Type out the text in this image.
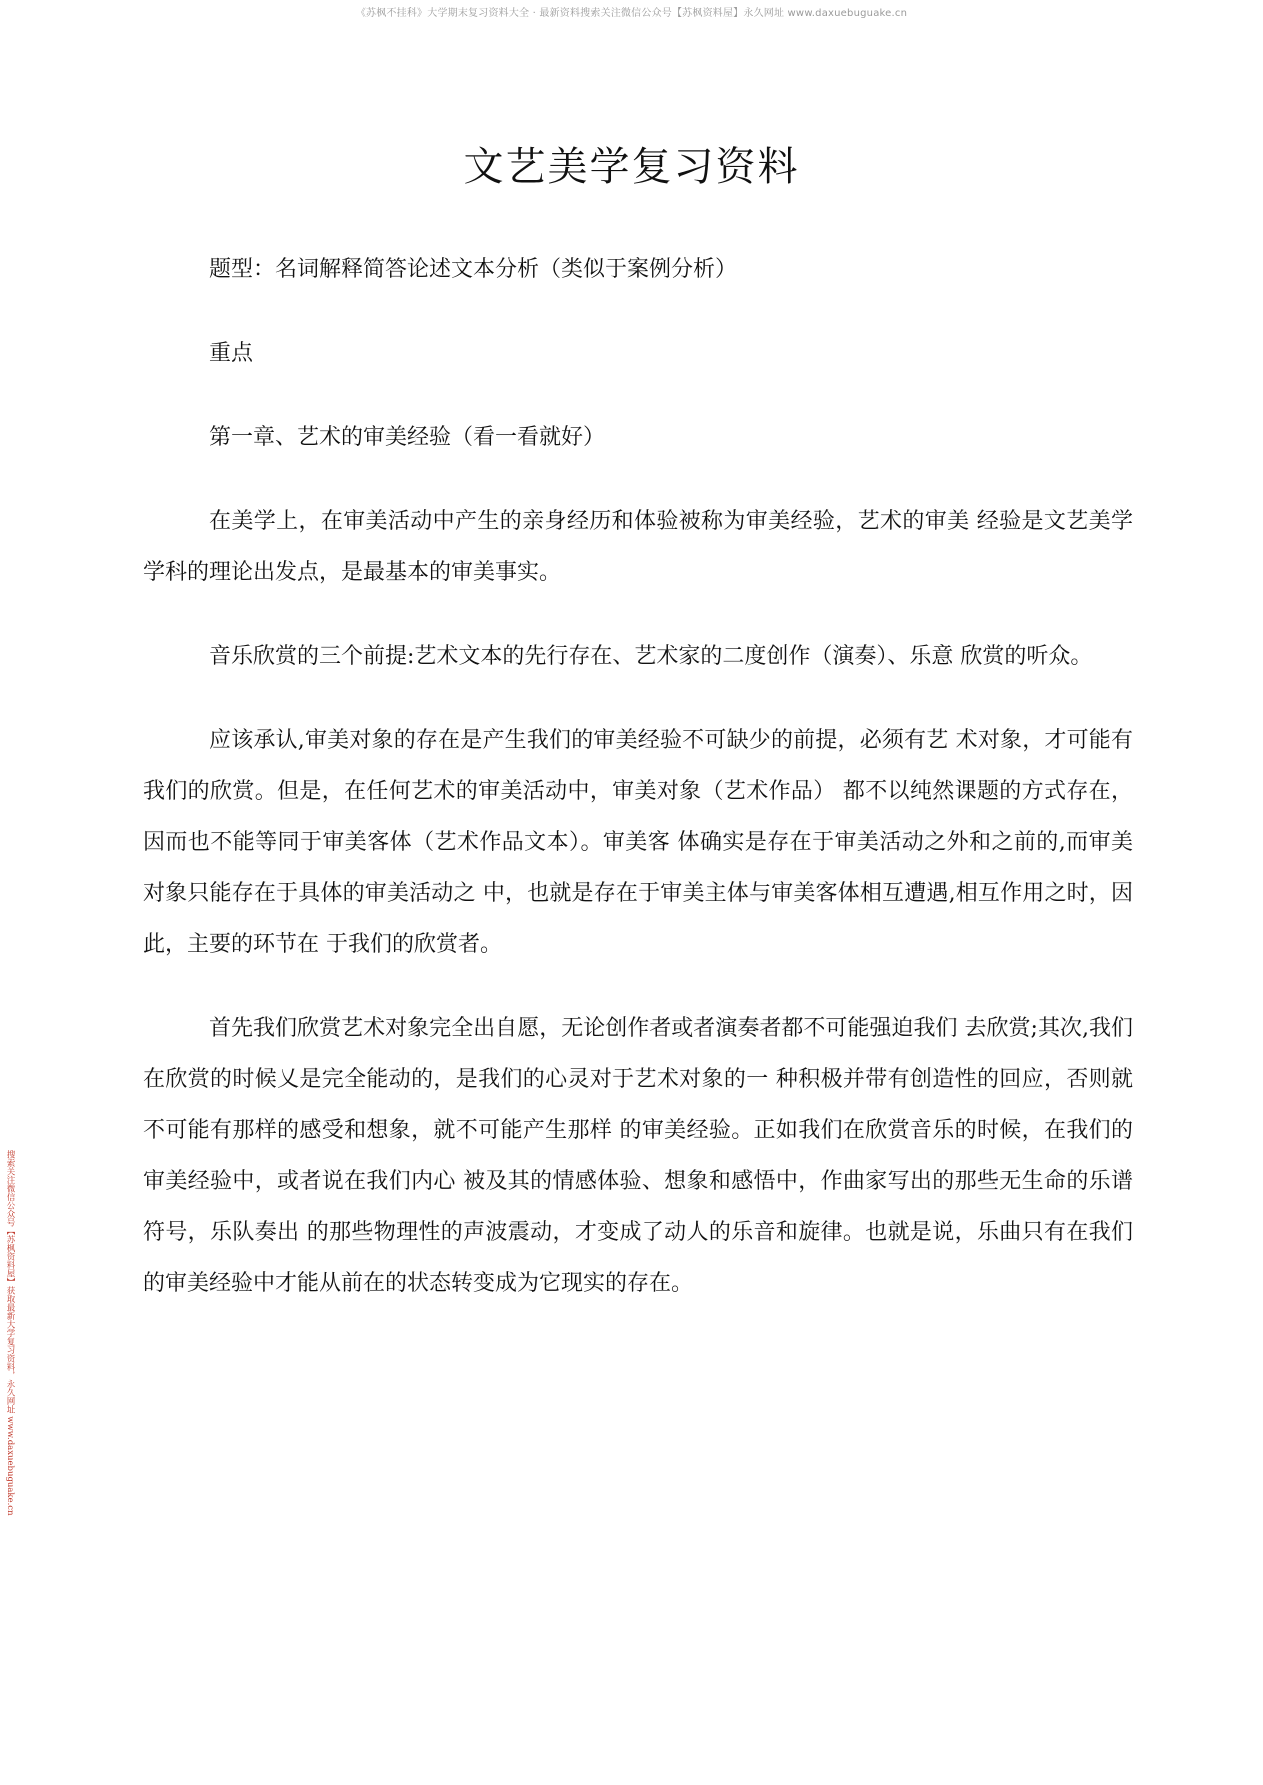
《苏枫不挂科》大学期末复习资料大全 · 最新资料搜索关注微信公众号【苏枫资料屋】永久网址 www.daxuebuguake.cn
搜索关注微信公众号【苏枫资料屋】获取最新大学复习资料，永久网址 www.daxuebuguake.cn
文艺美学复习资料

题型：名词解释简答论述文本分析（类似于案例分析）

重点

第一章、艺术的审美经验（看一看就好）

在美学上，在审美活动中产生的亲身经历和体验被称为审美经验，艺术的审美 经验是文艺美学学科的理论出发点，是最基本的审美事实。

音乐欣赏的三个前提:艺术文本的先行存在、艺术家的二度创作（演奏）、乐意 欣赏的听众。

应该承认,审美对象的存在是产生我们的审美经验不可缺少的前提，必须有艺 术对象，才可能有我们的欣赏。但是，在任何艺术的审美活动中，审美对象（艺术作品） 都不以纯然课题的方式存在，因而也不能等同于审美客体（艺术作品文本）。审美客 体确实是存在于审美活动之外和之前的,而审美对象只能存在于具体的审美活动之 中，也就是存在于审美主体与审美客体相互遭遇,相互作用之时，因此，主要的环节在 于我们的欣赏者。

首先我们欣赏艺术对象完全出自愿，无论创作者或者演奏者都不可能强迫我们 去欣赏;其次,我们在欣赏的时候乂是完全能动的，是我们的心灵对于艺术对象的一 种积极并带有创造性的回应，否则就不可能有那样的感受和想象，就不可能产生那样 的审美经验。正如我们在欣赏音乐的时候，在我们的审美经验中，或者说在我们内心 被及其的情感体验、想象和感悟中，作曲家写出的那些无生命的乐谱符号，乐队奏出 的那些物理性的声波震动，才变成了动人的乐音和旋律。也就是说，乐曲只有在我们 的审美经验中才能从前在的状态转变成为它现实的存在。
